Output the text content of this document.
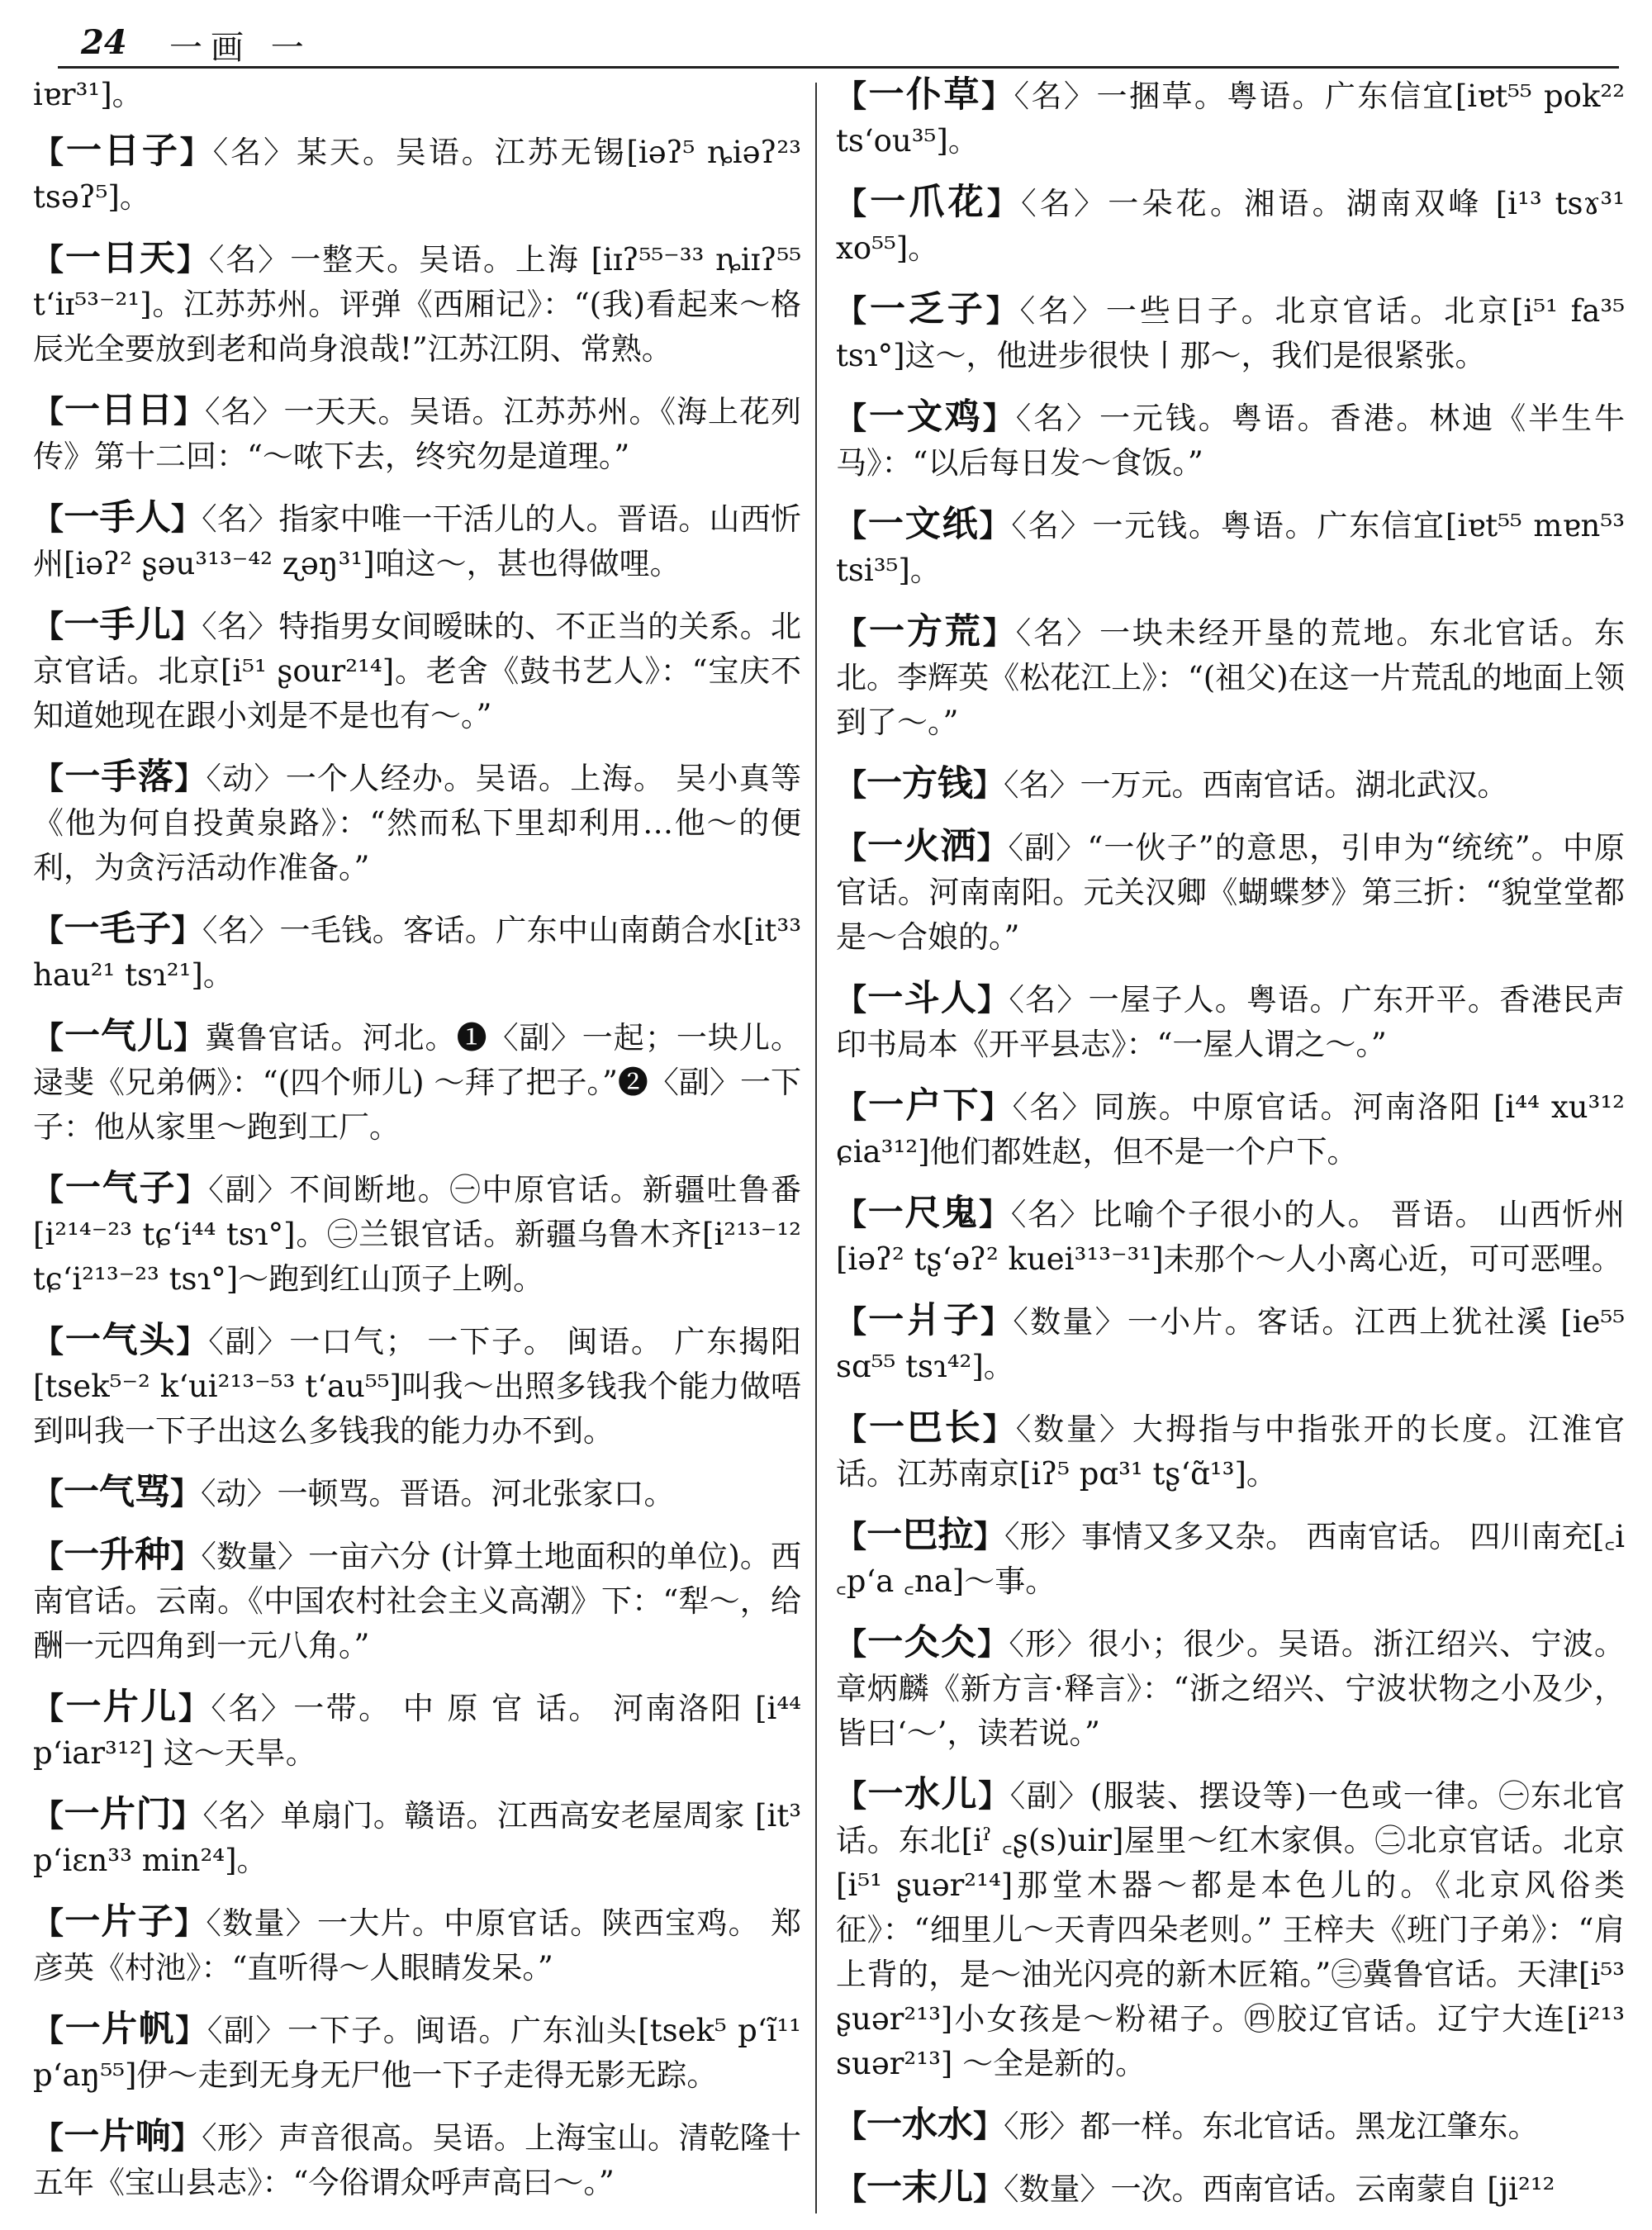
24 一画 一

iɐr³¹]。

【一日子】〈名〉某天。吴语。江苏无锡[iəʔ⁵ ȵiəʔ²³ tsəʔ⁵]。

【一日天】〈名〉一整天。吴语。上海 [iɪʔ⁵⁵⁻³³ ȵiɪʔ⁵⁵ t‘iɪ⁵³⁻²¹]。江苏苏州。评弹《西厢记》：“(我)看起来～格辰光全要放到老和尚身浪哉!”江苏江阴、常熟。

【一日日】〈名〉一天天。吴语。江苏苏州。《海上花列传》第十二回：“～哝下去，终究勿是道理。”

【一手人】〈名〉指家中唯一干活儿的人。晋语。山西忻州[iəʔ² ʂəu³¹³⁻⁴² ʐəŋ³¹]咱这～，甚也得做哩。

【一手儿】〈名〉特指男女间暧昧的、不正当的关系。北京官话。北京[i⁵¹ ʂour²¹⁴]。老舍《鼓书艺人》：“宝庆不知道她现在跟小刘是不是也有～。”

【一手落】〈动〉一个人经办。吴语。上海。 吴小真等《他为何自投黄泉路》：“然而私下里却利用…他～的便利，为贪污活动作准备。”

【一毛子】〈名〉一毛钱。客话。广东中山南蓢合水[it³³ hau²¹ tsɿ²¹]。

【一气儿】冀鲁官话。河北。❶〈副〉一起；一块儿。逯斐《兄弟俩》：“(四个师儿) ～拜了把子。”❷〈副〉一下子：他从家里～跑到工厂。

【一气子】〈副〉不间断地。㊀中原官话。新疆吐鲁番[i²¹⁴⁻²³ tɕ‘i⁴⁴ tsɿ°]。㊁兰银官话。新疆乌鲁木齐[i²¹³⁻¹² tɕ‘i²¹³⁻²³ tsɿ°]～跑到红山顶子上咧。

【一气头】〈副〉一口气； 一下子。 闽语。 广东揭阳[tsek⁵⁻² k‘ui²¹³⁻⁵³ t‘au⁵⁵]叫我～出照多钱我个能力做唔到叫我一下子出这么多钱我的能力办不到。

【一气骂】〈动〉一顿骂。晋语。河北张家口。

【一升种】〈数量〉一亩六分 (计算土地面积的单位)。西南官话。云南。《中国农村社会主义高潮》下：“犁～，给酬一元四角到一元八角。”

【一片儿】〈名〉一带。 中 原 官 话。 河南洛阳 [i⁴⁴ p‘iar³¹²] 这～天旱。

【一片门】〈名〉单扇门。赣语。江西高安老屋周家 [it³ p‘iɛn³³ min²⁴]。

【一片子】〈数量〉一大片。中原官话。陕西宝鸡。 郑彦英《村池》：“直听得～人眼睛发呆。”

【一片帆】〈副〉一下子。闽语。广东汕头[tsek⁵ p‘ĩ¹¹ p‘aŋ⁵⁵]伊～走到无身无尸他一下子走得无影无踪。

【一片响】〈形〉声音很高。吴语。上海宝山。清乾隆十五年《宝山县志》：“今俗谓众呼声高曰～。”

【一仆草】〈名〉一捆草。粤语。广东信宜[iɐt⁵⁵ pok²² ts‘ou³⁵]。

【一爪花】〈名〉一朵花。湘语。湖南双峰 [i¹³ tsɤ³¹ xo⁵⁵]。

【一乏子】〈名〉一些日子。北京官话。北京[i⁵¹ fa³⁵ tsɿ°]这～，他进步很快丨那～，我们是很紧张。

【一文鸡】〈名〉一元钱。粤语。香港。林迪《半生牛马》：“以后每日发～食饭。”

【一文纸】〈名〉一元钱。粤语。广东信宜[iɐt⁵⁵ mɐn⁵³ tsi³⁵]。

【一方荒】〈名〉一块未经开垦的荒地。东北官话。东北。李辉英《松花江上》：“(祖父)在这一片荒乱的地面上领到了～。”

【一方钱】〈名〉一万元。西南官话。湖北武汉。

【一火洒】〈副〉“一伙子”的意思，引申为“统统”。中原官话。河南南阳。元关汉卿《蝴蝶梦》第三折：“貌堂堂都是～合娘的。”

【一斗人】〈名〉一屋子人。粤语。广东开平。香港民声印书局本《开平县志》：“一屋人谓之～。”

【一户下】〈名〉同族。中原官话。河南洛阳 [i⁴⁴ xu³¹² ɕia³¹²]他们都姓赵，但不是一个户下。

【一尺鬼】〈名〉比喻个子很小的人。 晋语。 山西忻州[iəʔ² tʂ‘əʔ² kuei³¹³⁻³¹]未那个～人小离心近，可可恶哩。

【一爿子】〈数量〉一小片。客话。江西上犹社溪 [ie⁵⁵ sɑ⁵⁵ tsɿ⁴²]。

【一巴长】〈数量〉大拇指与中指张开的长度。江淮官话。江苏南京[iʔ⁵ pɑ³¹ tʂ‘ɑ̃¹³]。

【一巴拉】〈形〉事情又多又杂。 西南官话。 四川南充[꜀i ꜀p‘a ꜀na]～事。

【一仌仌】〈形〉很小；很少。吴语。浙江绍兴、宁波。章炳麟《新方言·释言》：“浙之绍兴、宁波状物之小及少，皆曰‘～’，读若说。”

【一水儿】〈副〉(服装、摆设等)一色或一律。㊀东北官话。东北[iˀ ꜀ʂ(s)uir]屋里～红木家俱。㊁北京官话。北京[i⁵¹ ʂuər²¹⁴]那堂木器～都是本色儿的。《北京风俗类征》：“细里儿～天青四朵老则。” 王梓夫《班门子弟》：“肩上背的，是～油光闪亮的新木匠箱。”㊂冀鲁官话。天津[i⁵³ ʂuər²¹³]小女孩是～粉裙子。㊃胶辽官话。辽宁大连[i²¹³ suər²¹³] ～全是新的。

【一水水】〈形〉都一样。东北官话。黑龙江肇东。

【一末儿】〈数量〉一次。西南官话。云南蒙自 [ji²¹²
